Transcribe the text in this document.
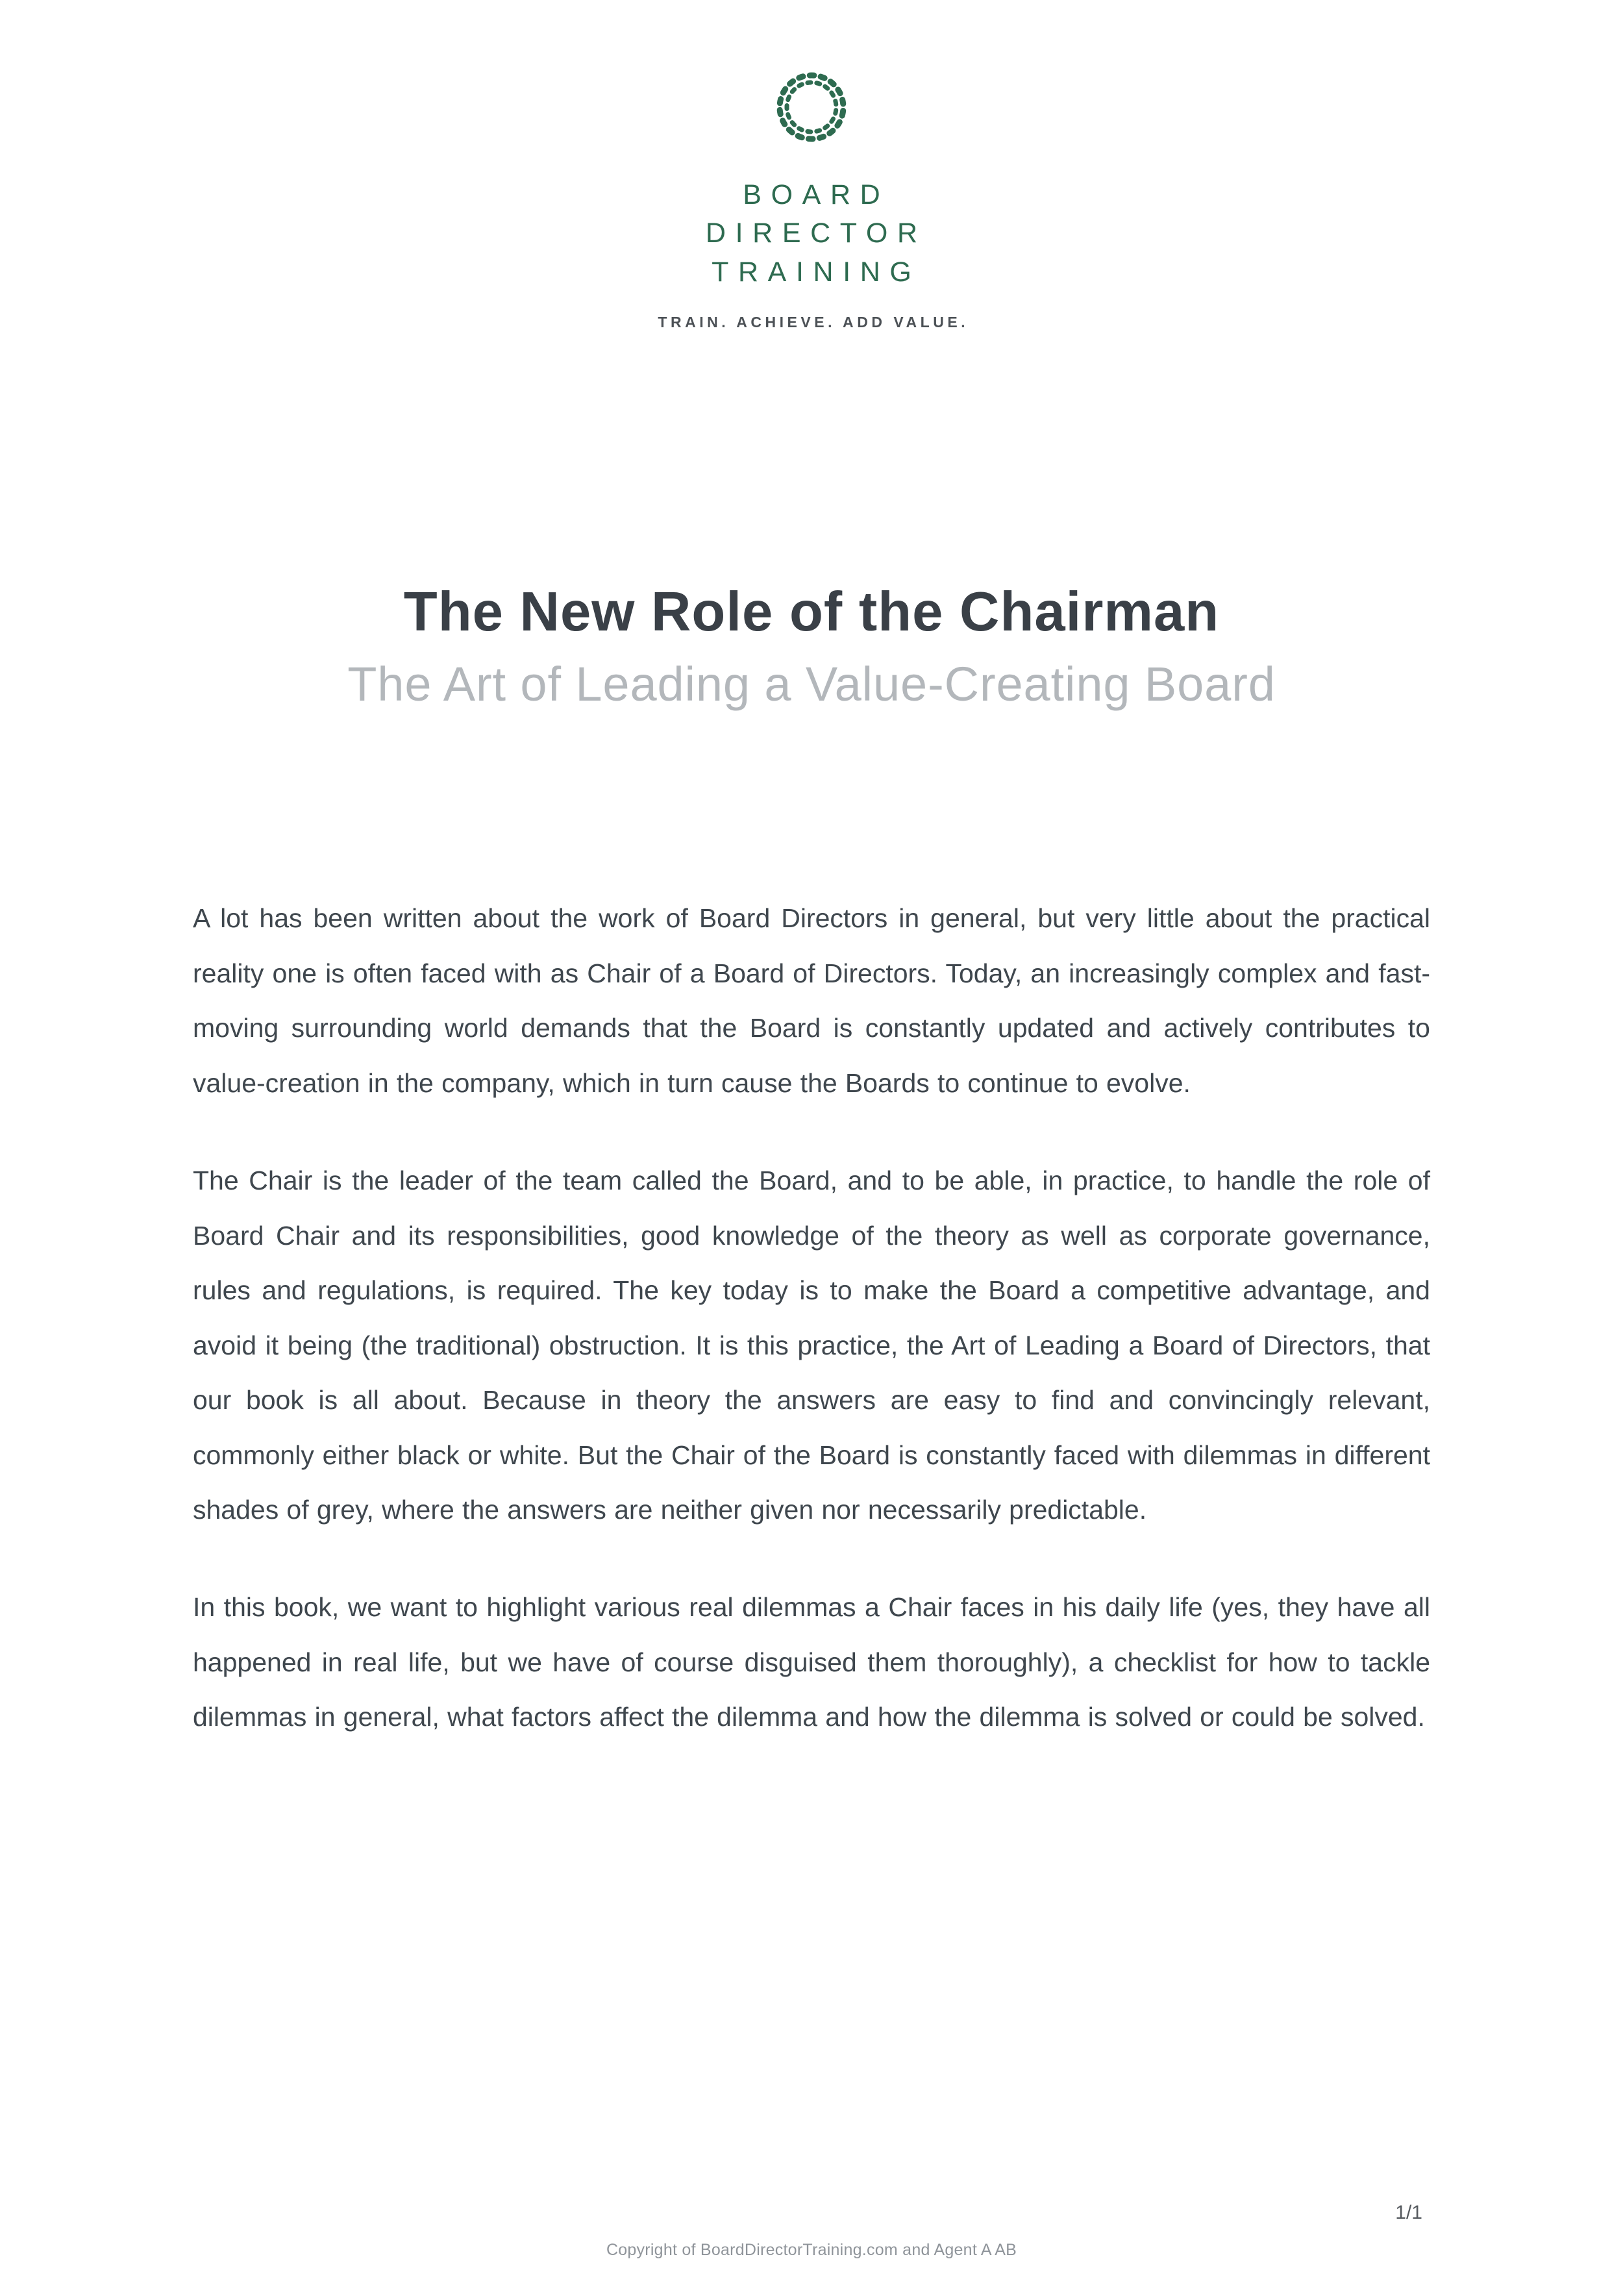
BOARD
DIRECTOR
TRAINING
TRAIN. ACHIEVE. ADD VALUE.
The New Role of the Chairman
The Art of Leading a Value-Creating Board

A lot has been written about the work of Board Directors in general, but very little about the practical reality one is often faced with as Chair of a Board of Directors. Today, an increasingly complex and fast-moving surrounding world demands that the Board is constantly updated and actively contributes to value-creation in the company, which in turn cause the Boards to continue to evolve.

The Chair is the leader of the team called the Board, and to be able, in practice, to handle the role of Board Chair and its responsibilities, good knowledge of the theory as well as corporate governance, rules and regulations, is required. The key today is to make the Board a competitive advantage, and avoid it being (the traditional) obstruction. It is this practice, the Art of Leading a Board of Directors, that our book is all about. Because in theory the answers are easy to find and convincingly relevant, commonly either black or white. But the Chair of the Board is constantly faced with dilemmas in different shades of grey, where the answers are neither given nor necessarily predictable.

In this book, we want to highlight various real dilemmas a Chair faces in his daily life (yes, they have all happened in real life, but we have of course disguised them thoroughly), a checklist for how to tackle dilemmas in general, what factors affect the dilemma and how the dilemma is solved or could be solved.

1/1
Copyright of BoardDirectorTraining.com and Agent A AB
